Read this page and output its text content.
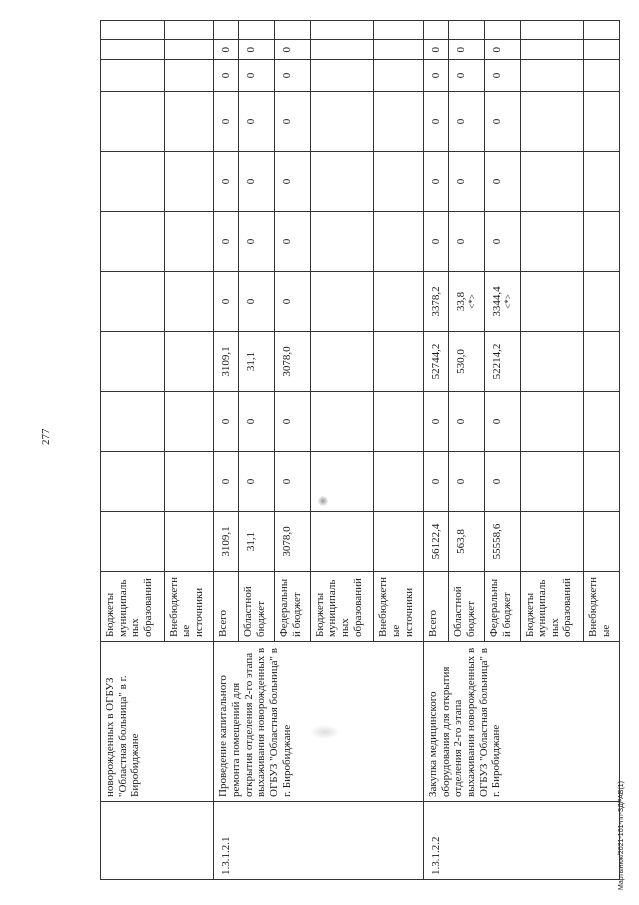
277
Мартынюк/2021-101-nn-ЗДРАВ(1)
	новорожденных в ОГБУЗ "Областная больница" в г. Биробиджане	Бюджеты муниципальных образований											
		Внебюджетные источники											
1.3.1.2.1	Проведение капитального ремонта помещений для открытия отделения 2-го этапа выхаживания новорожденных в ОГБУЗ "Областная больница" в г. Биробиджане	Всего	3109,1	0	0	3109,1	0	0	0	0	0	0	
		Областной бюджет	31,1	0	0	31,1	0	0	0	0	0	0	
		Федеральный бюджет	3078,0	0	0	3078,0	0	0	0	0	0	0	
		Бюджеты муниципальных образований											
		Внебюджетные источники											
1.3.1.2.2	Закупка медицинского оборудования для открытия отделения 2-го этапа выхаживания новорожденных в ОГБУЗ "Областная больница" в г. Биробиджане	Всего	56122,4	0	0	52744,2	3378,2	0	0	0	0	0	
		Областной бюджет	563,8	0	0	530,0	33,8 <*>	0	0	0	0	0	
		Федеральный бюджет	55558,6	0	0	52214,2	3344,4 <*>	0	0	0	0	0	
		Бюджеты муниципальных образований											
		Внебюджетные											
